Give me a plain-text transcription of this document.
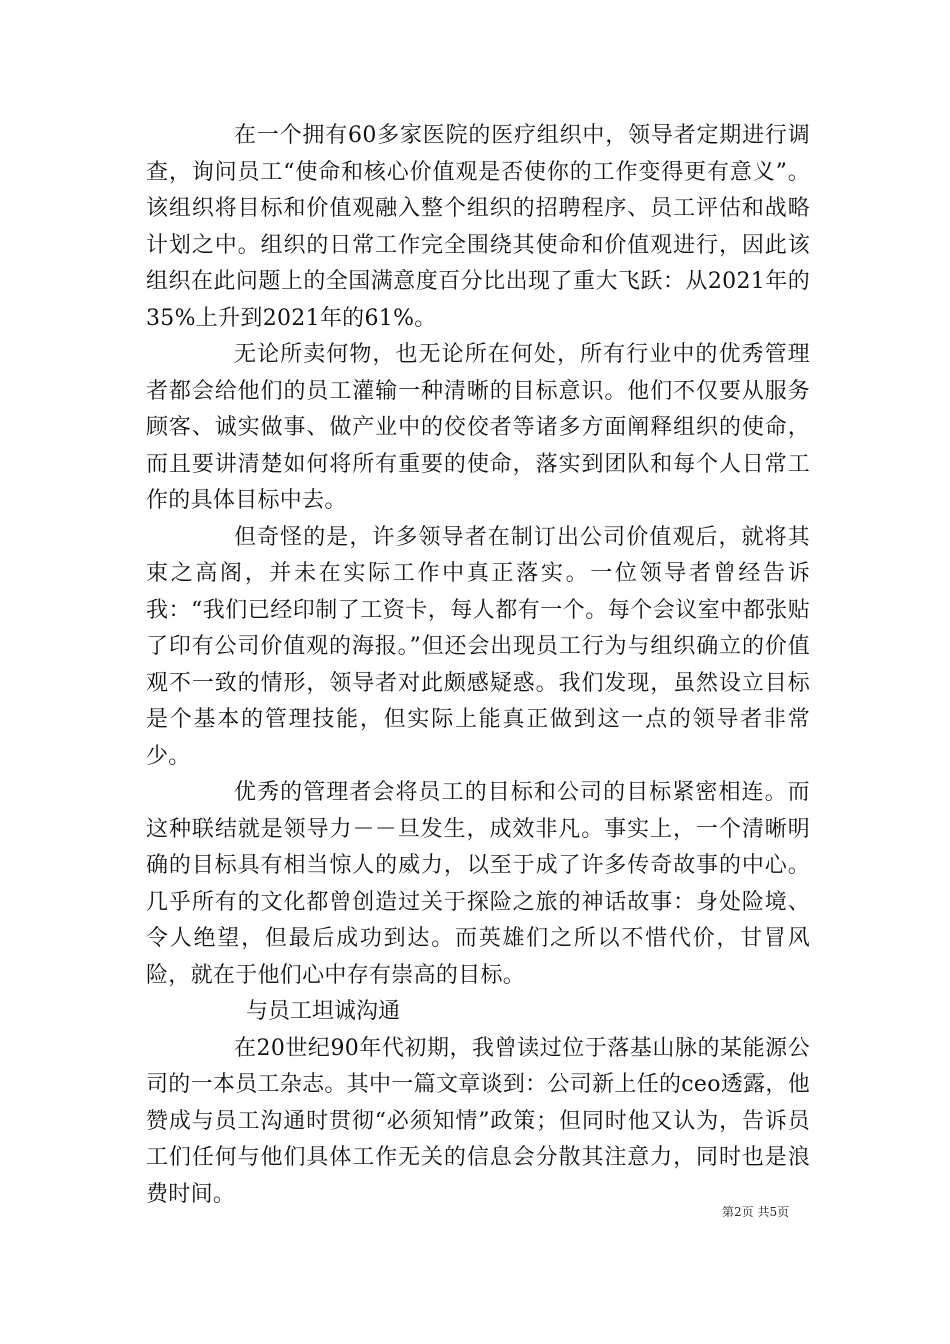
在一个拥有60多家医院的医疗组织中，领导者定期进行调查，询问员工“使命和核心价值观是否使你的工作变得更有意义”。该组织将目标和价值观融入整个组织的招聘程序、员工评估和战略计划之中。组织的日常工作完全围绕其使命和价值观进行，因此该组织在此问题上的全国满意度百分比出现了重大飞跃：从2021年的35%上升到2021年的61%。

无论所卖何物，也无论所在何处，所有行业中的优秀管理者都会给他们的员工灌输一种清晰的目标意识。他们不仅要从服务顾客、诚实做事、做产业中的佼佼者等诸多方面阐释组织的使命，而且要讲清楚如何将所有重要的使命，落实到团队和每个人日常工作的具体目标中去。

但奇怪的是，许多领导者在制订出公司价值观后，就将其束之高阁，并未在实际工作中真正落实。一位领导者曾经告诉我：“我们已经印制了工资卡，每人都有一个。每个会议室中都张贴了印有公司价值观的海报。”但还会出现员工行为与组织确立的价值观不一致的情形，领导者对此颇感疑惑。我们发现，虽然设立目标是个基本的管理技能，但实际上能真正做到这一点的领导者非常少。

优秀的管理者会将员工的目标和公司的目标紧密相连。而这种联结就是领导力－－旦发生，成效非凡。事实上，一个清晰明确的目标具有相当惊人的威力，以至于成了许多传奇故事的中心。几乎所有的文化都曾创造过关于探险之旅的神话故事：身处险境、令人绝望，但最后成功到达。而英雄们之所以不惜代价，甘冒风险，就在于他们心中存有崇高的目标。

与员工坦诚沟通

在20世纪90年代初期，我曾读过位于落基山脉的某能源公司的一本员工杂志。其中一篇文章谈到：公司新上任的ceo透露，他赞成与员工沟通时贯彻“必须知情”政策；但同时他又认为，告诉员工们任何与他们具体工作无关的信息会分散其注意力，同时也是浪费时间。

第2页 共5页
